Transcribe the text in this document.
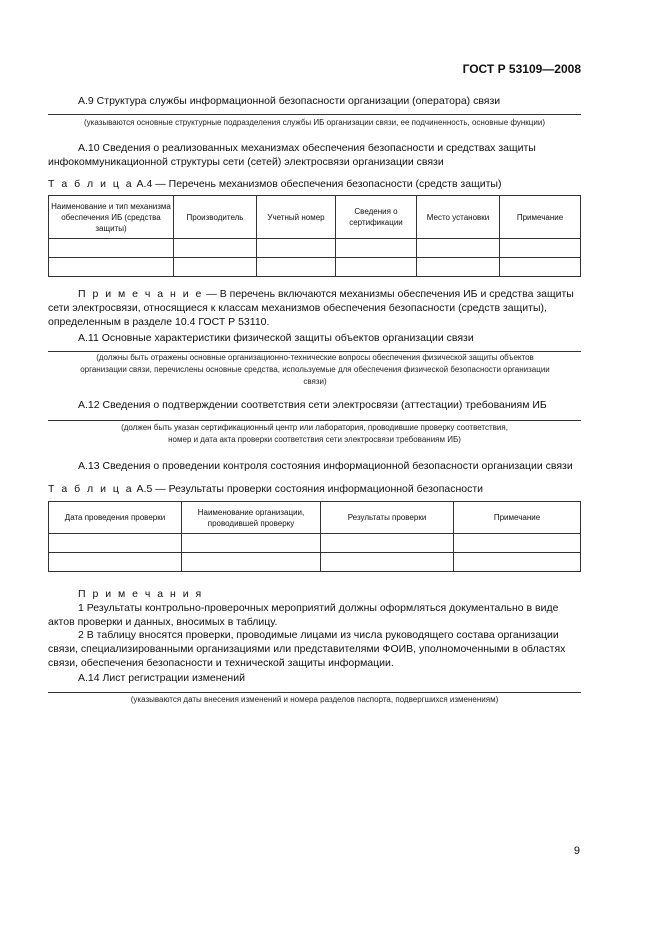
ГОСТ Р 53109—2008
А.9 Структура службы информационной безопасности организации (оператора) связи
(указываются основные структурные подразделения службы ИБ организации связи, ее подчиненность, основные функции)
А.10 Сведения о реализованных механизмах обеспечения безопасности и средствах защиты инфокоммуникационной структуры сети (сетей) электросвязи организации связи
Т а б л и ц а А.4 — Перечень механизмов обеспечения безопасности (средств защиты)
Наименование и тип механизма обеспечения ИБ (средства защиты)	Производитель	Учетный номер	Сведения о сертификации	Место установки	Примечание

П р и м е ч а н и е — В перечень включаются механизмы обеспечения ИБ и средства защиты сети электросвязи, относящиеся к классам механизмов обеспечения безопасности (средств защиты), определенным в разделе 10.4 ГОСТ Р 53110.
А.11 Основные характеристики физической защиты объектов организации связи
(должны быть отражены основные организационно-технические вопросы обеспечения физической защиты объектов организации связи, перечислены основные средства, используемые для обеспечения физической безопасности организации связи)
А.12 Сведения о подтверждении соответствия сети электросвязи (аттестации) требованиям ИБ
(должен быть указан сертификационный центр или лаборатория, проводившие проверку соответствия,
номер и дата акта проверки соответствия сети электросвязи требованиям ИБ)
А.13 Сведения о проведении контроля состояния информационной безопасности организации связи
Т а б л и ц а А.5 — Результаты проверки состояния информационной безопасности
Дата проведения проверки	Наименование организации, проводившей проверку	Результаты проверки	Примечание

П р и м е ч а н и я
1 Результаты контрольно-проверочных мероприятий должны оформляться документально в виде актов проверки и данных, вносимых в таблицу.
2 В таблицу вносятся проверки, проводимые лицами из числа руководящего состава организации связи, специализированными организациями или представителями ФОИВ, уполномоченными в областях связи, обеспечения безопасности и технической защиты информации.
А.14 Лист регистрации изменений
(указываются даты внесения изменений и номера разделов паспорта, подвергшихся изменениям)
9
